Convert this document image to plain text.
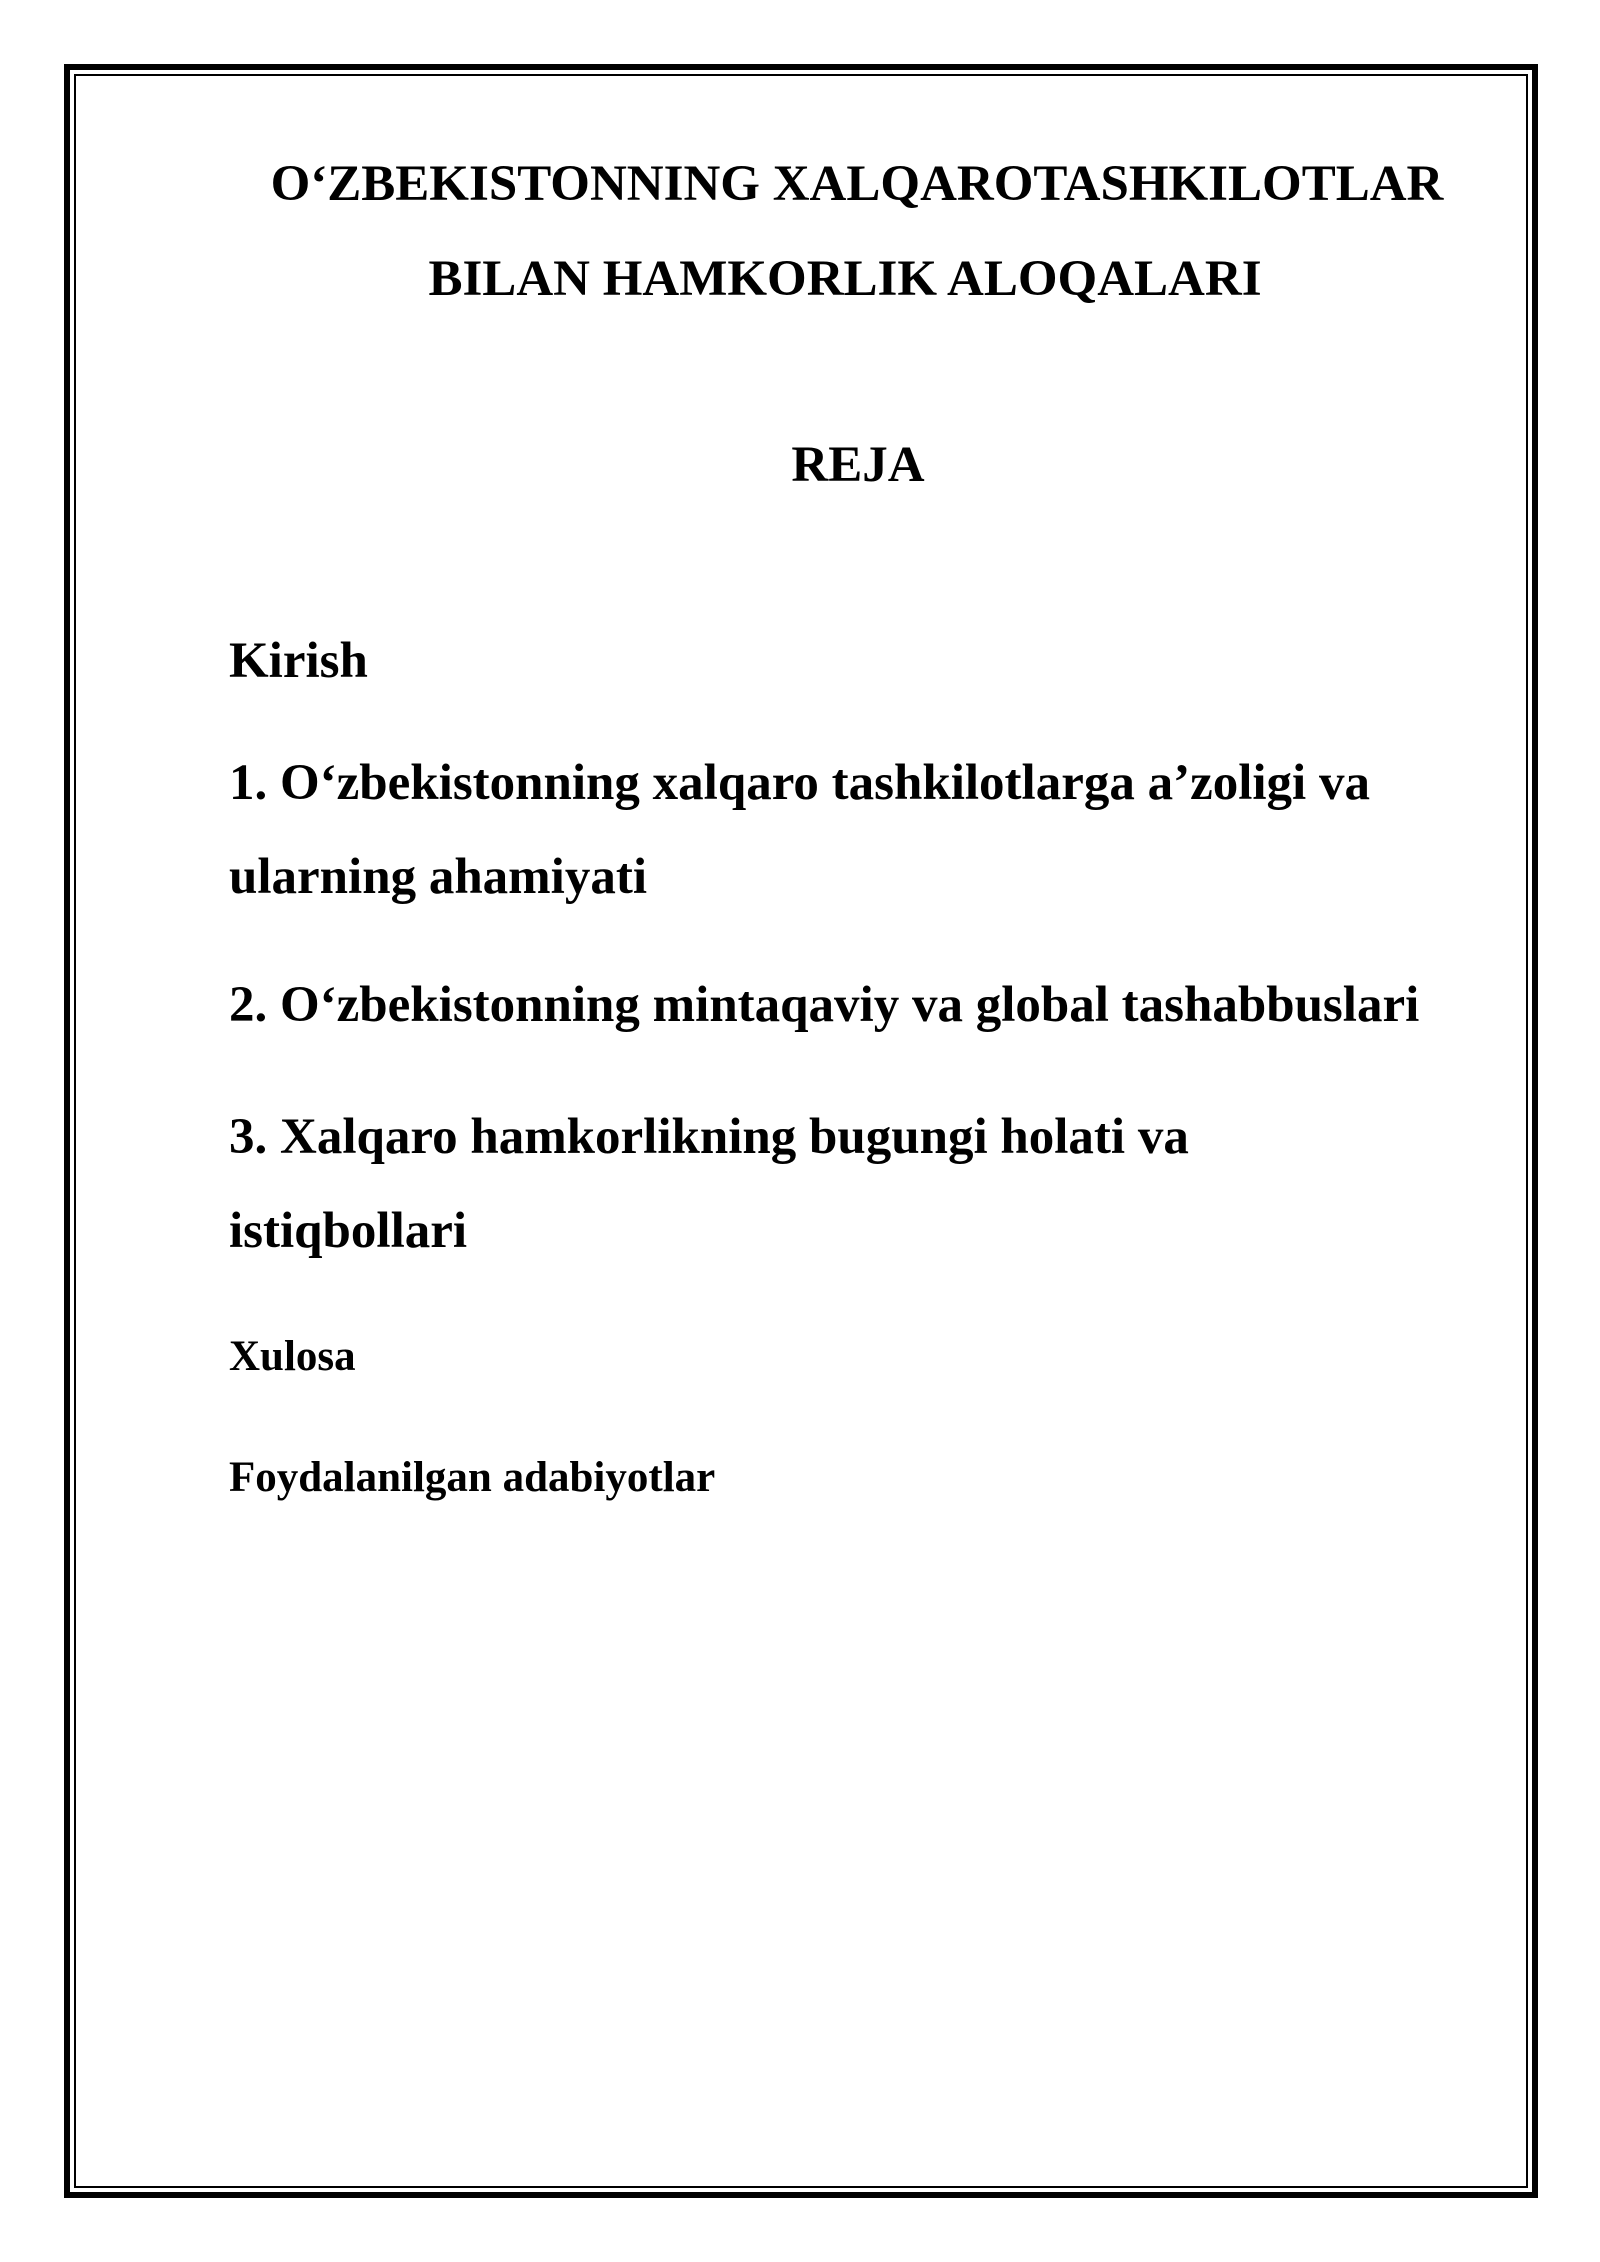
O‘ZBEKISTONNING XALQAROTASHKILOTLAR
BILAN HAMKORLIK ALOQALARI
REJA
Kirish
1. O‘zbekistonning xalqaro tashkilotlarga a’zoligi va
ularning ahamiyati
2. O‘zbekistonning mintaqaviy va global tashabbuslari
3. Xalqaro hamkorlikning bugungi holati va
istiqbollari
Xulosa
Foydalanilgan adabiyotlar
